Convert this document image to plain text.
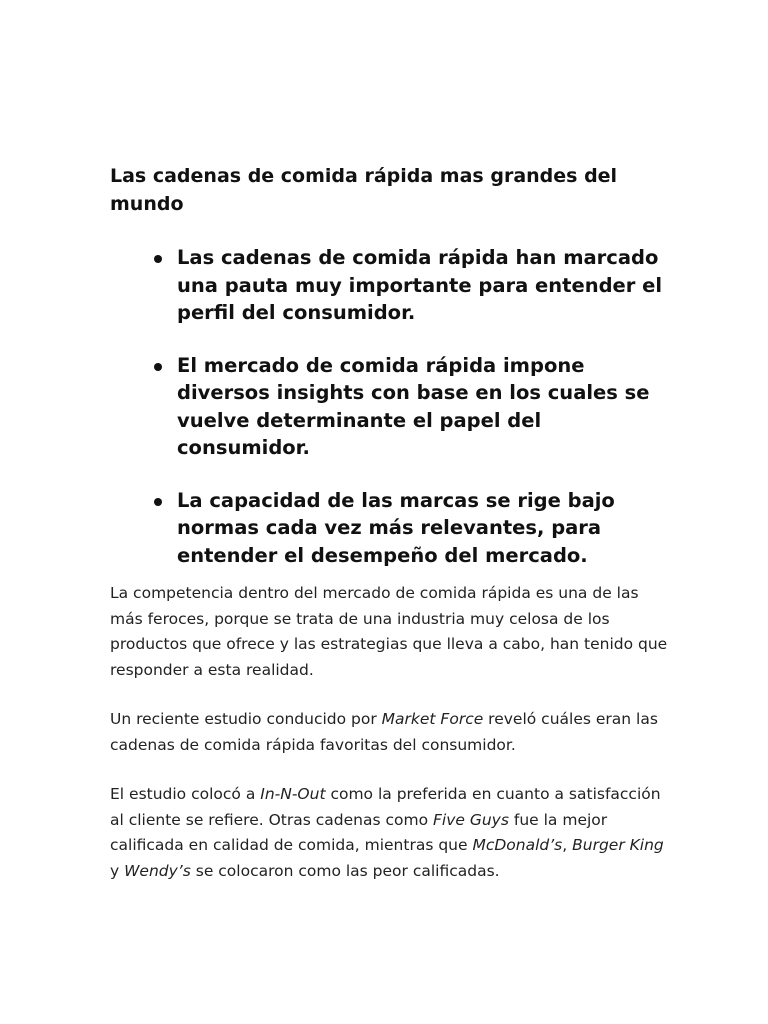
Las cadenas de comida rápida mas grandes del mundo
Las cadenas de comida rápida han marcado una pauta muy importante para entender el perfil del consumidor.
El mercado de comida rápida impone diversos insights con base en los cuales se vuelve determinante el papel del consumidor.
La capacidad de las marcas se rige bajo normas cada vez más relevantes, para entender el desempeño del mercado.

La competencia dentro del mercado de comida rápida es una de las más feroces, porque se trata de una industria muy celosa de los productos que ofrece y las estrategias que lleva a cabo, han tenido que responder a esta realidad.

Un reciente estudio conducido por Market Force reveló cuáles eran las cadenas de comida rápida favoritas del consumidor.

El estudio colocó a In-N-Out como la preferida en cuanto a satisfacción al cliente se refiere. Otras cadenas como Five Guys fue la mejor calificada en calidad de comida, mientras que McDonald’s, Burger King y Wendy’s se colocaron como las peor calificadas.
